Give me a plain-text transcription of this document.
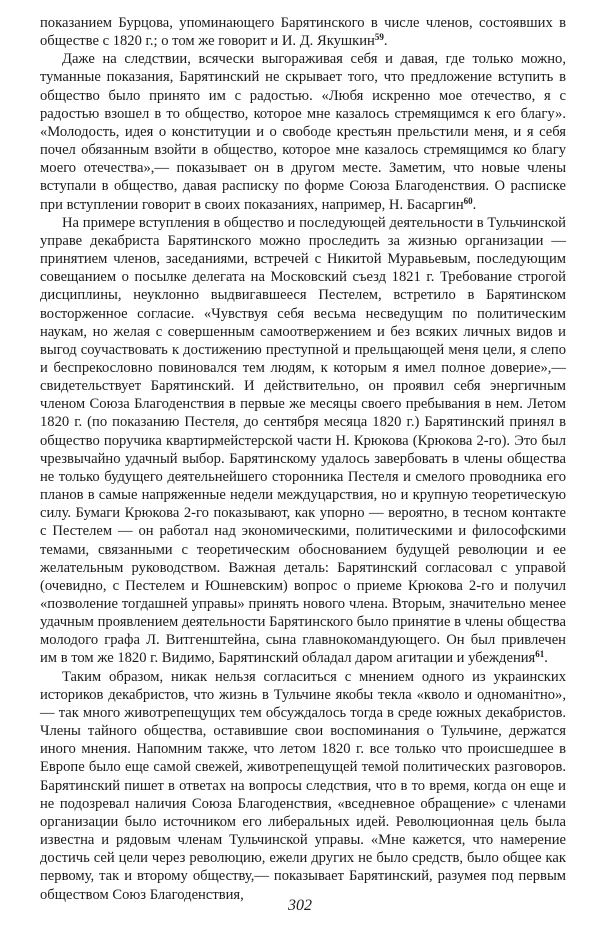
показанием Бурцова, упоминающего Барятинского в числе членов, состоявших в обществе с 1820 г.; о том же говорит и И. Д. Якушкин$^{59}$.

Даже на следствии, всячески выгораживая себя и давая, где только можно, туманные показания, Барятинский не скрывает того, что предложение вступить в общество было принято им с радостью. «Любя искренно мое отечество, я с радостью взошел в то общество, которое мне казалось стремящимся к его благу». «Молодость, идея о конституции и о свободе крестьян прельстили меня, и я себя почел обязанным взойти в общество, которое мне казалось стремящимся ко благу моего отечества»,— показывает он в другом месте. Заметим, что новые члены вступали в общество, давая расписку по форме Союза Благоденствия. О расписке при вступлении говорит в своих показаниях, например, Н. Басаргин$^{60}$.

На примере вступления в общество и последующей деятельности в Тульчинской управе декабриста Барятинского можно проследить за жизнью организации — принятием членов, заседаниями, встречей с Никитой Муравьевым, последующим совещанием о посылке делегата на Московский съезд 1821 г. Требование строгой дисциплины, неуклонно выдвигавшееся Пестелем, встретило в Барятинском восторженное согласие. «Чувствуя себя весьма несведущим по политическим наукам, но желая с совершенным самоотвержением и без всяких личных видов и выгод соучаствовать к достижению преступной и прельщающей меня цели, я слепо и беспрекословно повиновался тем людям, к которым я имел полное доверие»,— свидетельствует Барятинский. И действительно, он проявил себя энергичным членом Союза Благоденствия в первые же месяцы своего пребывания в нем. Летом 1820 г. (по показанию Пестеля, до сентября месяца 1820 г.) Барятинский принял в общество поручика квартирмейстерской части Н. Крюкова (Крюкова 2-го). Это был чрезвычайно удачный выбор. Барятинскому удалось завербовать в члены общества не только будущего деятельнейшего сторонника Пестеля и смелого проводника его планов в самые напряженные недели междуцарствия, но и крупную теоретическую силу. Бумаги Крюкова 2-го показывают, как упорно — вероятно, в тесном контакте с Пестелем — он работал над экономическими, политическими и философскими темами, связанными с теоретическим обоснованием будущей революции и ее желательным руководством. Важная деталь: Барятинский согласовал с управой (очевидно, с Пестелем и Юшневским) вопрос о приеме Крюкова 2-го и получил «позволение тогдашней управы» принять нового члена. Вторым, значительно менее удачным проявлением деятельности Барятинского было принятие в члены общества молодого графа Л. Витгенштейна, сына главнокомандующего. Он был привлечен им в том же 1820 г. Видимо, Барятинский обладал даром агитации и убеждения$^{61}$.

Таким образом, никак нельзя согласиться с мнением одного из украинских историков декабристов, что жизнь в Тульчине якобы текла «кволо и одноманітно»,— так много животрепещущих тем обсуждалось тогда в среде южных декабристов. Члены тайного общества, оставившие свои воспоминания о Тульчине, держатся иного мнения. Напомним также, что летом 1820 г. все только что происшедшее в Европе было еще самой свежей, животрепещущей темой политических разговоров. Барятинский пишет в ответах на вопросы следствия, что в то время, когда он еще и не подозревал наличия Союза Благоденствия, «вседневное обращение» с членами организации было источником его либеральных идей. Революционная цель была известна и рядовым членам Тульчинской управы. «Мне кажется, что намерение достичь сей цели через революцию, ежели других не было средств, было общее как первому, так и второму обществу,— показывает Барятинский, разумея под первым обществом Союз Благоденствия,

302
